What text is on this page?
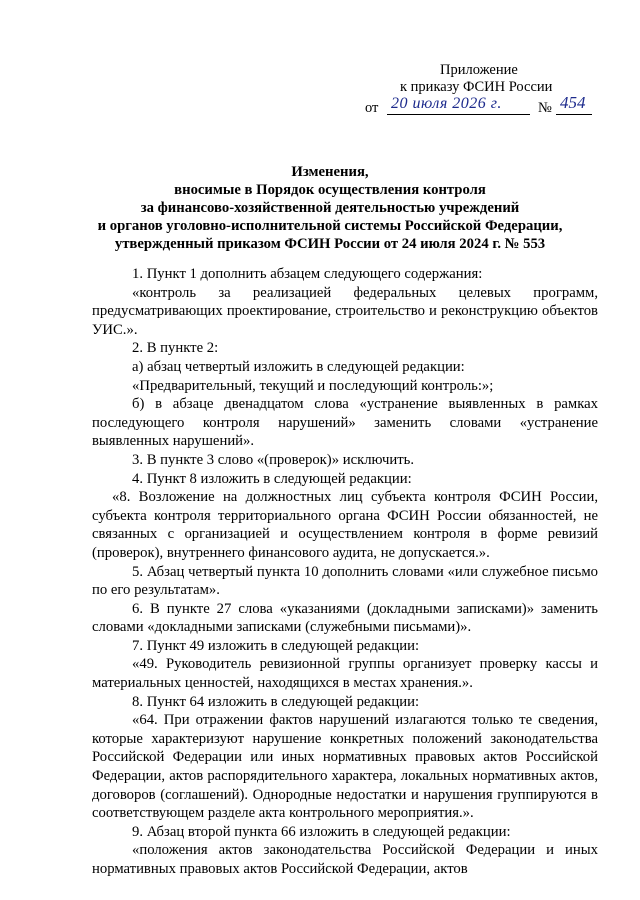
Приложение
к приказу ФСИН России
от 20 июля 2026 г. № 454
Изменения,
вносимые в Порядок осуществления контроля
за финансово-хозяйственной деятельностью учреждений
и органов уголовно-исполнительной системы Российской Федерации,
утвержденный приказом ФСИН России от 24 июля 2024 г. № 553

1. Пункт 1 дополнить абзацем следующего содержания:

«контроль за реализацией федеральных целевых программ, предусматривающих проектирование, строительство и реконструкцию объектов УИС.».

2. В пункте 2:

а) абзац четвертый изложить в следующей редакции:

«Предварительный, текущий и последующий контроль:»;

б) в абзаце двенадцатом слова «устранение выявленных в рамках последующего контроля нарушений» заменить словами «устранение выявленных нарушений».

3. В пункте 3 слово «(проверок)» исключить.

4. Пункт 8 изложить в следующей редакции:

«8. Возложение на должностных лиц субъекта контроля ФСИН России, субъекта контроля территориального органа ФСИН России обязанностей, не связанных с организацией и осуществлением контроля в форме ревизий (проверок), внутреннего финансового аудита, не допускается.».

5. Абзац четвертый пункта 10 дополнить словами «или служебное письмо по его результатам».

6. В пункте 27 слова «указаниями (докладными записками)» заменить словами «докладными записками (служебными письмами)».

7. Пункт 49 изложить в следующей редакции:

«49. Руководитель ревизионной группы организует проверку кассы и материальных ценностей, находящихся в местах хранения.».

8. Пункт 64 изложить в следующей редакции:

«64. При отражении фактов нарушений излагаются только те сведения, которые характеризуют нарушение конкретных положений законодательства Российской Федерации или иных нормативных правовых актов Российской Федерации, актов распорядительного характера, локальных нормативных актов, договоров (соглашений). Однородные недостатки и нарушения группируются в соответствующем разделе акта контрольного мероприятия.».

9. Абзац второй пункта 66 изложить в следующей редакции:

«положения актов законодательства Российской Федерации и иных нормативных правовых актов Российской Федерации, актов
